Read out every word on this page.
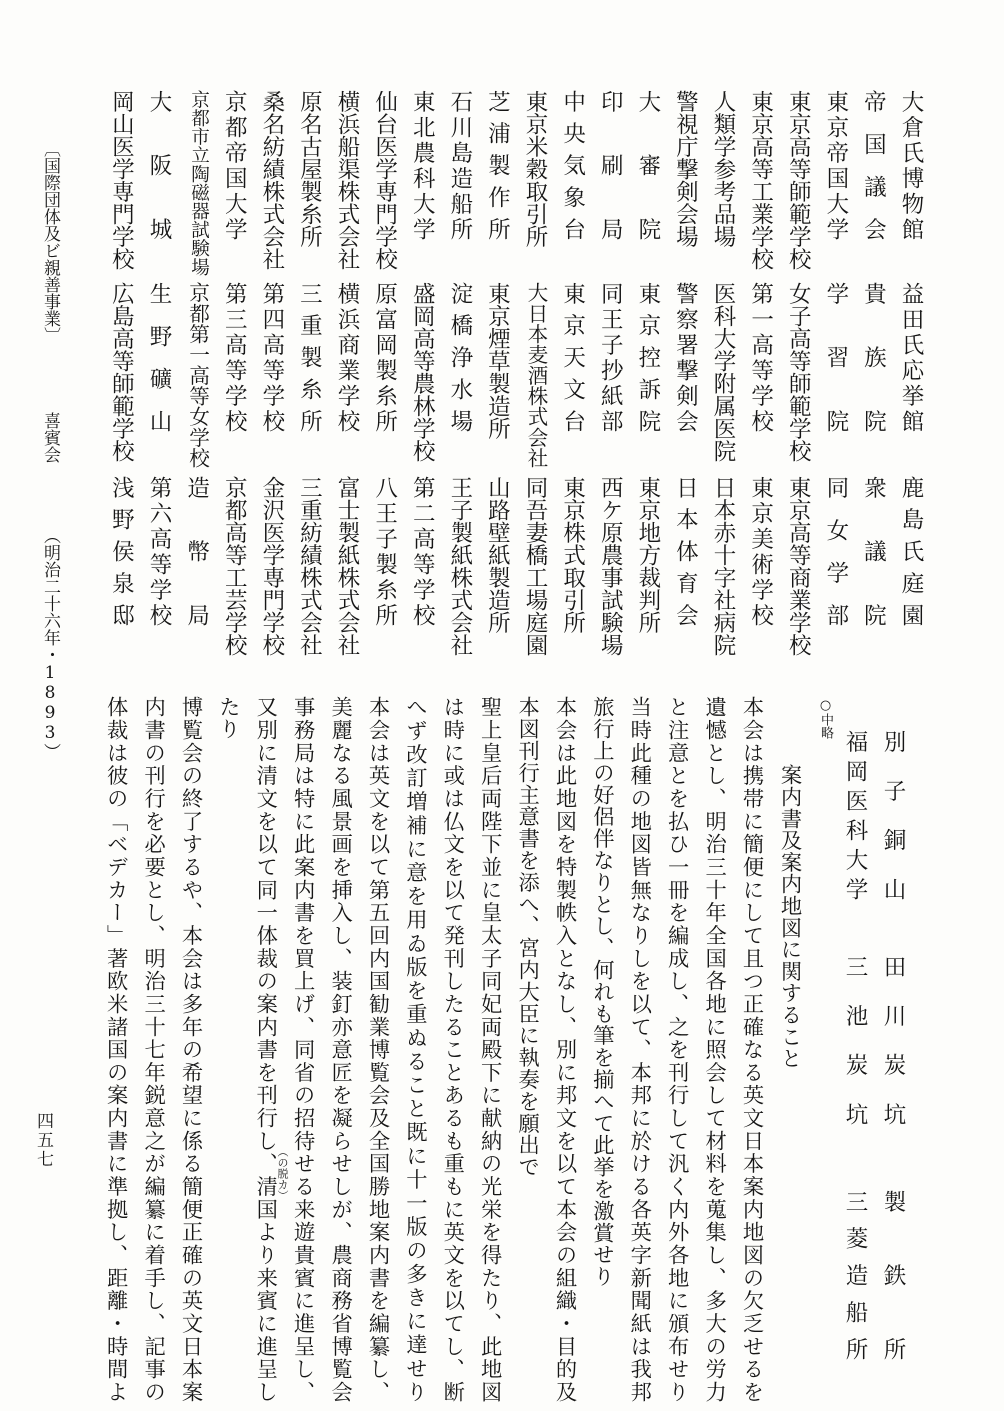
大倉氏博物館
帝国議会
東京帝国大学
東京高等師範学校
東京高等工業学校
人類学参考品場
警視庁撃剣会場
大審院
印刷局
中央気象台
東京米穀取引所
芝浦製作所
石川島造船所
東北農科大学
仙台医学専門学校
横浜船渠株式会社
原名古屋製糸所
桑名紡績株式会社
京都帝国大学
京都市立陶磁器試験場
大阪城
岡山医学専門学校
益田氏応挙館
貴族院
学習院
女子高等師範学校
第一高等学校
医科大学附属医院
警察署撃剣会
東京控訴院
同王子抄紙部
東京天文台
大日本麦酒株式会社
東京煙草製造所
淀橋浄水場
盛岡高等農林学校
原富岡製糸所
横浜商業学校
三重製糸所
第四高等学校
第三高等学校
京都第一高等女学校
生野礦山
広島高等師範学校
鹿島氏庭園
衆議院
同女学部
東京高等商業学校
東京美術学校
日本赤十字社病院
日本体育会
東京地方裁判所
西ケ原農事試験場
東京株式取引所
同吾妻橋工場庭園
山路壁紙製造所
王子製紙株式会社
第二高等学校
八王子製糸所
富士製紙株式会社
三重紡績株式会社
金沢医学専門学校
京都高等工芸学校
造幣局
第六高等学校
浅野侯泉邸
別子銅山
田川炭坑
製鉄所
福岡医科大学
三池炭坑
三菱造船所
○中略
案内書及案内地図に関すること
本会は携帯に簡便にして且つ正確なる英文日本案内地図の欠乏せるを
遺憾とし、明治三十年全国各地に照会して材料を蒐集し、多大の労力
と注意とを払ひ一冊を編成し、之を刊行して汎く内外各地に頒布せり
当時此種の地図皆無なりしを以て、本邦に於ける各英字新聞紙は我邦
旅行上の好侶伴なりとし、何れも筆を揃へて此挙を激賞せり
本会は此地図を特製帙入となし、別に邦文を以て本会の組織・目的及
本図刊行主意書を添へ、宮内大臣に執奏を願出で
聖上皇后両陛下並に皇太子同妃両殿下に献納の光栄を得たり、此地図
は時に或は仏文を以て発刊したることあるも重もに英文を以てし、断
へず改訂増補に意を用ゐ版を重ぬること既に十一版の多きに達せり
本会は英文を以て第五回内国勧業博覧会及全国勝地案内書を編纂し、
美麗なる風景画を挿入し、装釘亦意匠を凝らせしが、農商務省博覧会
事務局は特に此案内書を買上げ、同省の招待せる来遊貴賓に進呈し、
又別に清文を以て同一体裁の案内書を刊行し、清国より来賓に進呈し
たり
博覧会の終了するや、本会は多年の希望に係る簡便正確の英文日本案
内書の刊行を必要とし、明治三十七年鋭意之が編纂に着手し、記事の
体裁は彼の「ベデカー」著欧米諸国の案内書に準拠し、距離・時間よ
〔国際団体及ビ親善事業〕  喜賓会  （明治二十六年・1893）
四五七
（の脱カ）
